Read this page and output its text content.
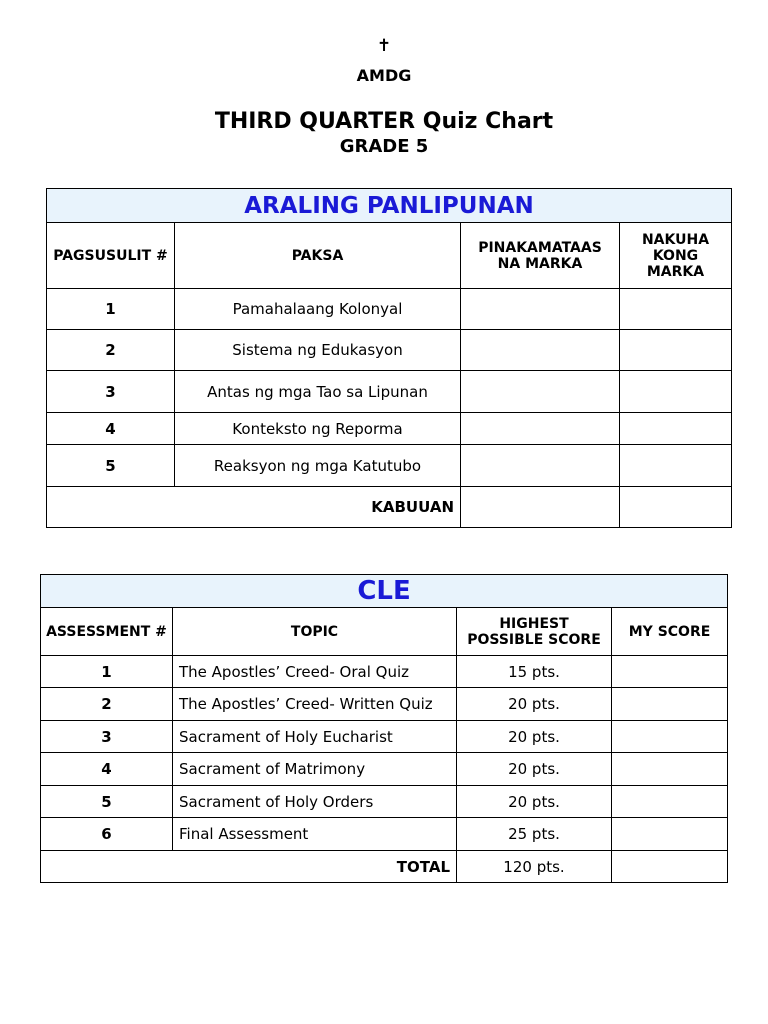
✝
AMDG
THIRD QUARTER Quiz Chart
GRADE 5
ARALING PANLIPUNAN			
PAGSUSULIT #	PAKSA	PINAKAMATAAS NA MARKA	NAKUHA KONG MARKA
1	Pamahalaang Kolonyal		
2	Sistema ng Edukasyon		
3	Antas ng mga Tao sa Lipunan		
4	Konteksto ng Reporma		
5	Reaksyon ng mga Katutubo		
KABUUAN			
CLE			
ASSESSMENT #	TOPIC	HIGHEST POSSIBLE SCORE	MY SCORE
1	The Apostles’ Creed- Oral Quiz	15 pts.	
2	The Apostles’ Creed- Written Quiz	20 pts.	
3	Sacrament of Holy Eucharist	20 pts.	
4	Sacrament of Matrimony	20 pts.	
5	Sacrament of Holy Orders	20 pts.	
6	Final Assessment	25 pts.	
TOTAL		120 pts.	
